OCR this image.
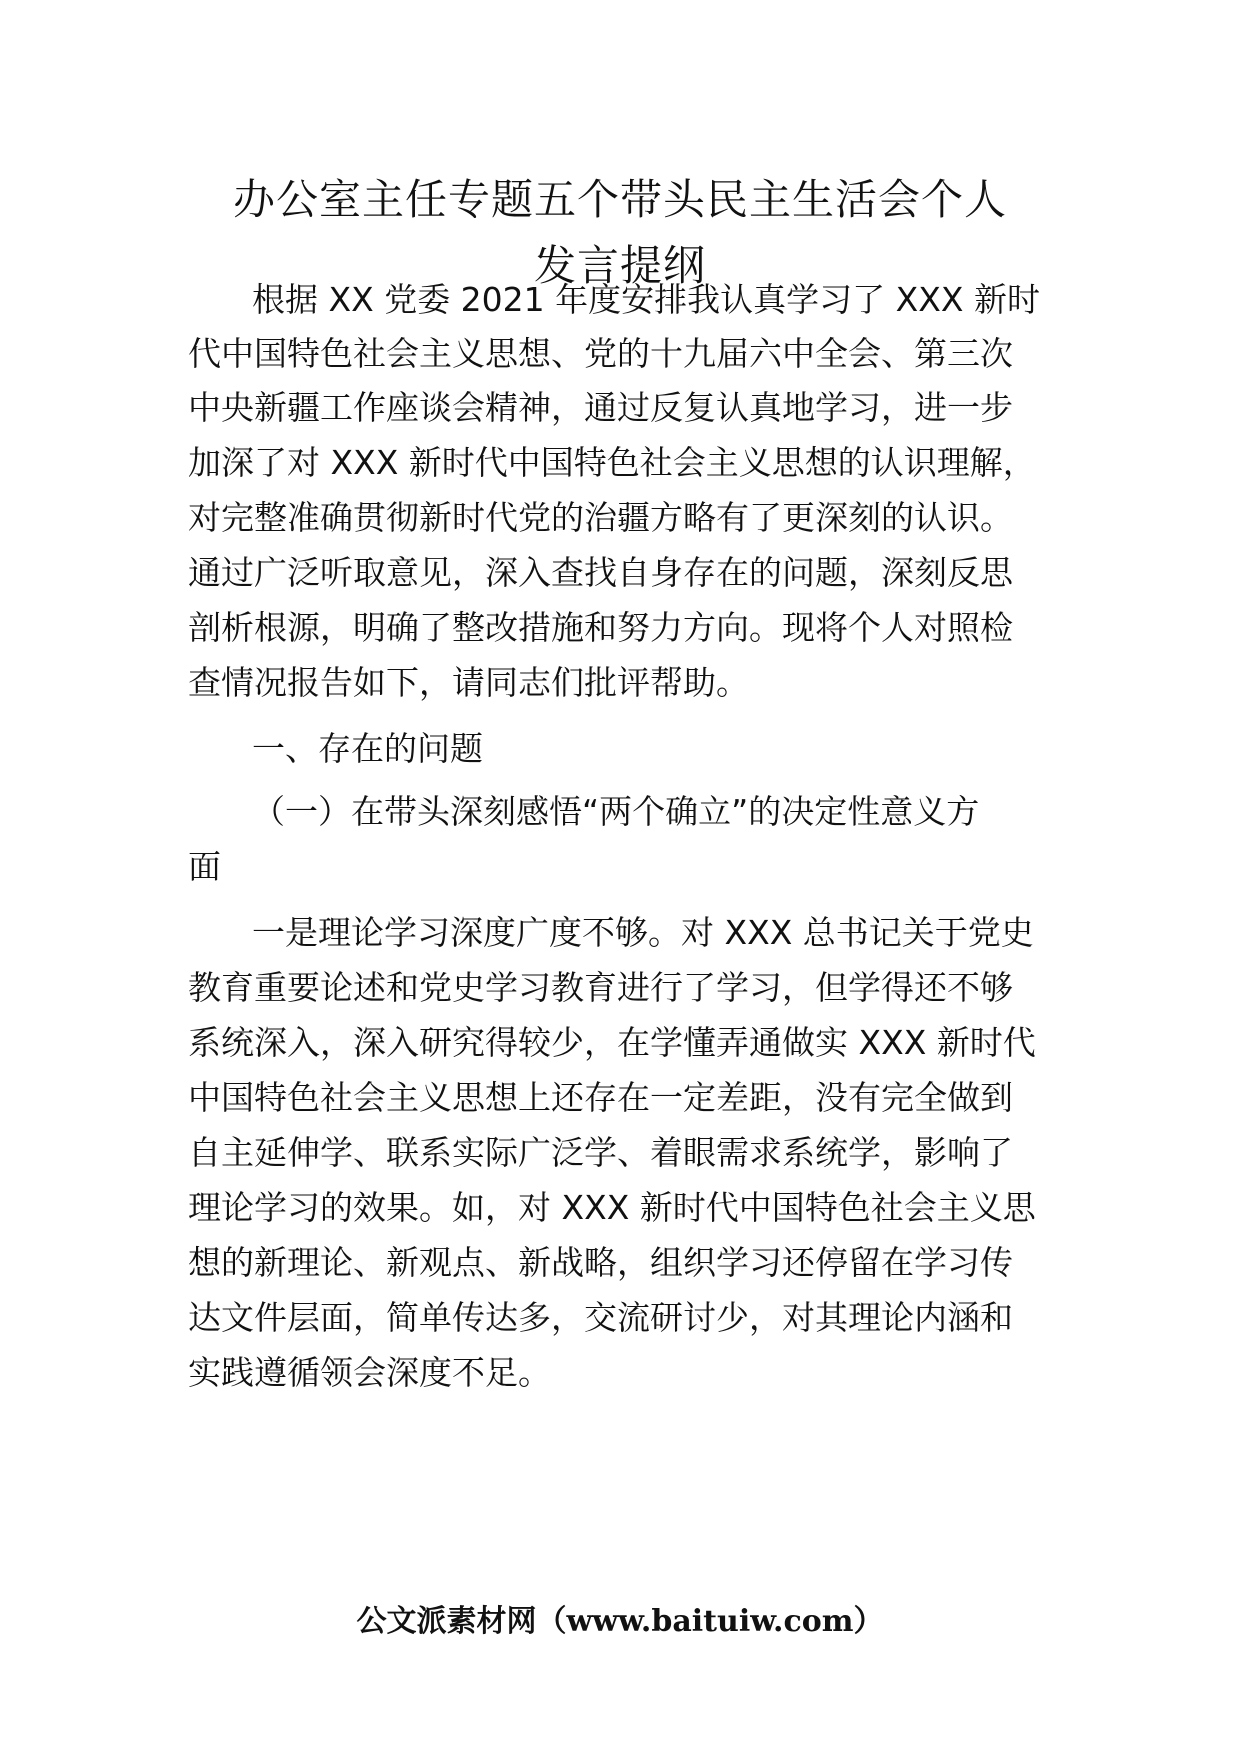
办公室主任专题五个带头民主生活会个人
发言提纲
根据 XX 党委 2021 年度安排我认真学习了 XXX 新时
代中国特色社会主义思想、党的十九届六中全会、第三次
中央新疆工作座谈会精神，通过反复认真地学习，进一步
加深了对 XXX 新时代中国特色社会主义思想的认识理解，
对完整准确贯彻新时代党的治疆方略有了更深刻的认识。
通过广泛听取意见，深入查找自身存在的问题，深刻反思
剖析根源，明确了整改措施和努力方向。现将个人对照检
查情况报告如下，请同志们批评帮助。
一、存在的问题
（一）在带头深刻感悟“两个确立”的决定性意义方
面
一是理论学习深度广度不够。对 XXX 总书记关于党史
教育重要论述和党史学习教育进行了学习，但学得还不够
系统深入，深入研究得较少，在学懂弄通做实 XXX 新时代
中国特色社会主义思想上还存在一定差距，没有完全做到
自主延伸学、联系实际广泛学、着眼需求系统学，影响了
理论学习的效果。如，对 XXX 新时代中国特色社会主义思
想的新理论、新观点、新战略，组织学习还停留在学习传
达文件层面，简单传达多，交流研讨少，对其理论内涵和
实践遵循领会深度不足。
公文派素材网（www.baituiw.com）
